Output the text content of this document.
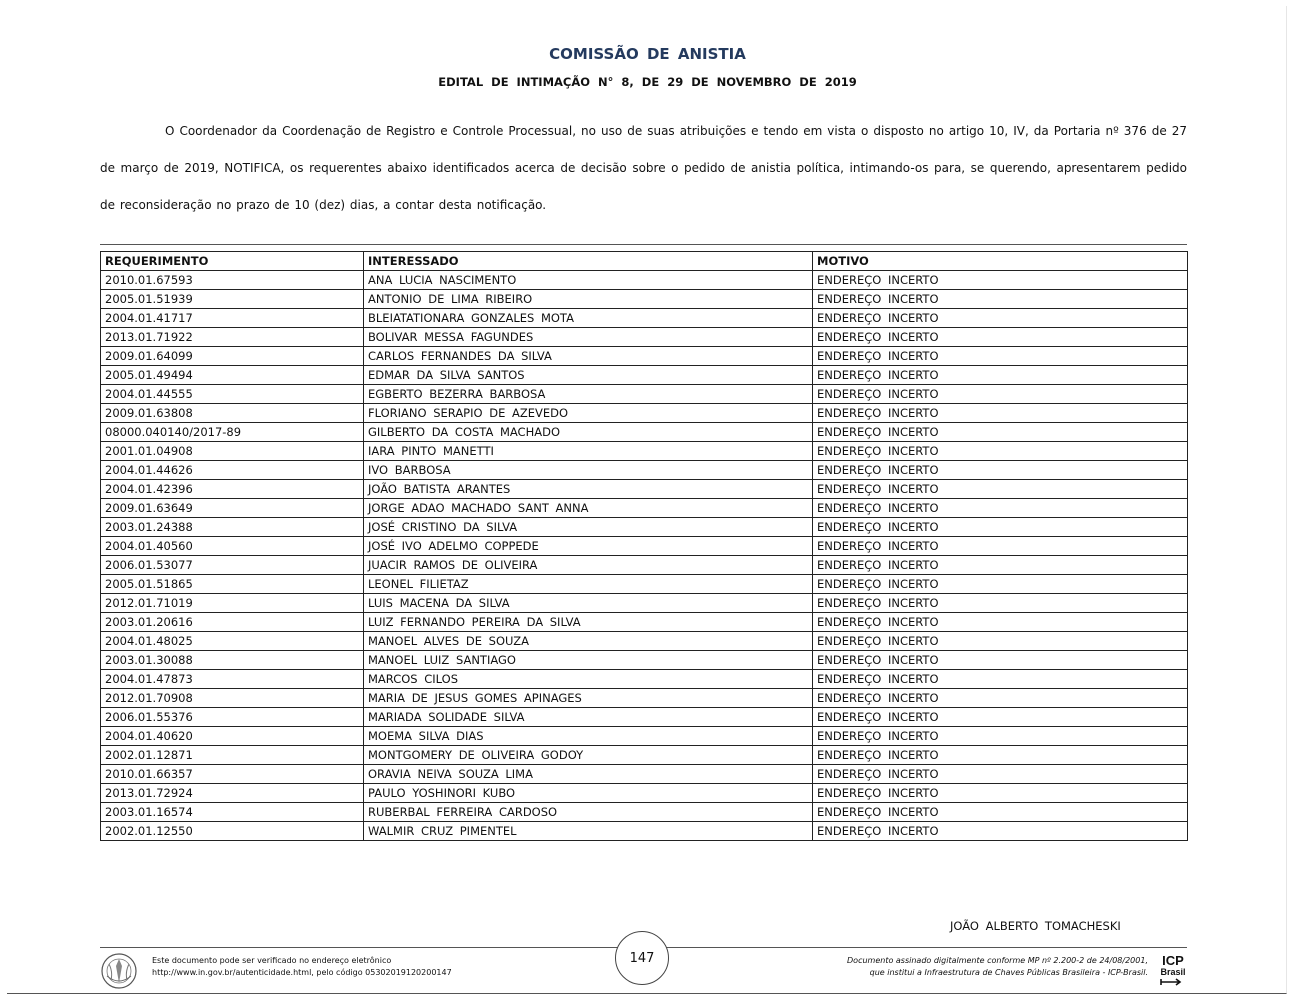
COMISSÃO DE ANISTIA
EDITAL DE INTIMAÇÃO N° 8, DE 29 DE NOVEMBRO DE 2019

O Coordenador da Coordenação de Registro e Controle Processual, no uso de suas atribuições e tendo em vista o disposto no artigo 10, IV, da Portaria nº 376 de 27 de março de 2019, NOTIFICA, os requerentes abaixo identificados acerca de decisão sobre o pedido de anistia política, intimando-os para, se querendo, apresentarem pedido de reconsideração no prazo de 10 (dez) dias, a contar desta notificação.

REQUERIMENTO	INTERESSADO	MOTIVO
2010.01.67593	ANA LUCIA NASCIMENTO	ENDEREÇO INCERTO
2005.01.51939	ANTONIO DE LIMA RIBEIRO	ENDEREÇO INCERTO
2004.01.41717	BLEIATATIONARA GONZALES MOTA	ENDEREÇO INCERTO
2013.01.71922	BOLIVAR MESSA FAGUNDES	ENDEREÇO INCERTO
2009.01.64099	CARLOS FERNANDES DA SILVA	ENDEREÇO INCERTO
2005.01.49494	EDMAR DA SILVA SANTOS	ENDEREÇO INCERTO
2004.01.44555	EGBERTO BEZERRA BARBOSA	ENDEREÇO INCERTO
2009.01.63808	FLORIANO SERAPIO DE AZEVEDO	ENDEREÇO INCERTO
08000.040140/2017-89	GILBERTO DA COSTA MACHADO	ENDEREÇO INCERTO
2001.01.04908	IARA PINTO MANETTI	ENDEREÇO INCERTO
2004.01.44626	IVO BARBOSA	ENDEREÇO INCERTO
2004.01.42396	JOÃO BATISTA ARANTES	ENDEREÇO INCERTO
2009.01.63649	JORGE ADAO MACHADO SANT ANNA	ENDEREÇO INCERTO
2003.01.24388	JOSÉ CRISTINO DA SILVA	ENDEREÇO INCERTO
2004.01.40560	JOSÉ IVO ADELMO COPPEDE	ENDEREÇO INCERTO
2006.01.53077	JUACIR RAMOS DE OLIVEIRA	ENDEREÇO INCERTO
2005.01.51865	LEONEL FILIETAZ	ENDEREÇO INCERTO
2012.01.71019	LUIS MACENA DA SILVA	ENDEREÇO INCERTO
2003.01.20616	LUIZ FERNANDO PEREIRA DA SILVA	ENDEREÇO INCERTO
2004.01.48025	MANOEL ALVES DE SOUZA	ENDEREÇO INCERTO
2003.01.30088	MANOEL LUIZ SANTIAGO	ENDEREÇO INCERTO
2004.01.47873	MARCOS CILOS	ENDEREÇO INCERTO
2012.01.70908	MARIA DE JESUS GOMES APINAGES	ENDEREÇO INCERTO
2006.01.55376	MARIADA SOLIDADE SILVA	ENDEREÇO INCERTO
2004.01.40620	MOEMA SILVA DIAS	ENDEREÇO INCERTO
2002.01.12871	MONTGOMERY DE OLIVEIRA GODOY	ENDEREÇO INCERTO
2010.01.66357	ORAVIA NEIVA SOUZA LIMA	ENDEREÇO INCERTO
2013.01.72924	PAULO YOSHINORI KUBO	ENDEREÇO INCERTO
2003.01.16574	RUBERBAL FERREIRA CARDOSO	ENDEREÇO INCERTO
2002.01.12550	WALMIR CRUZ PIMENTEL	ENDEREÇO INCERTO
JOÃO ALBERTO TOMACHESKI
Este documento pode ser verificado no endereço eletrônico
http://www.in.gov.br/autenticidade.html, pelo código 05302019120200147
147	Documento assinado digitalmente conforme MP nº 2.200-2 de 24/08/2001,
que institui a Infraestrutura de Chaves Públicas Brasileira - ICP-Brasil.
ICP
Brasil
